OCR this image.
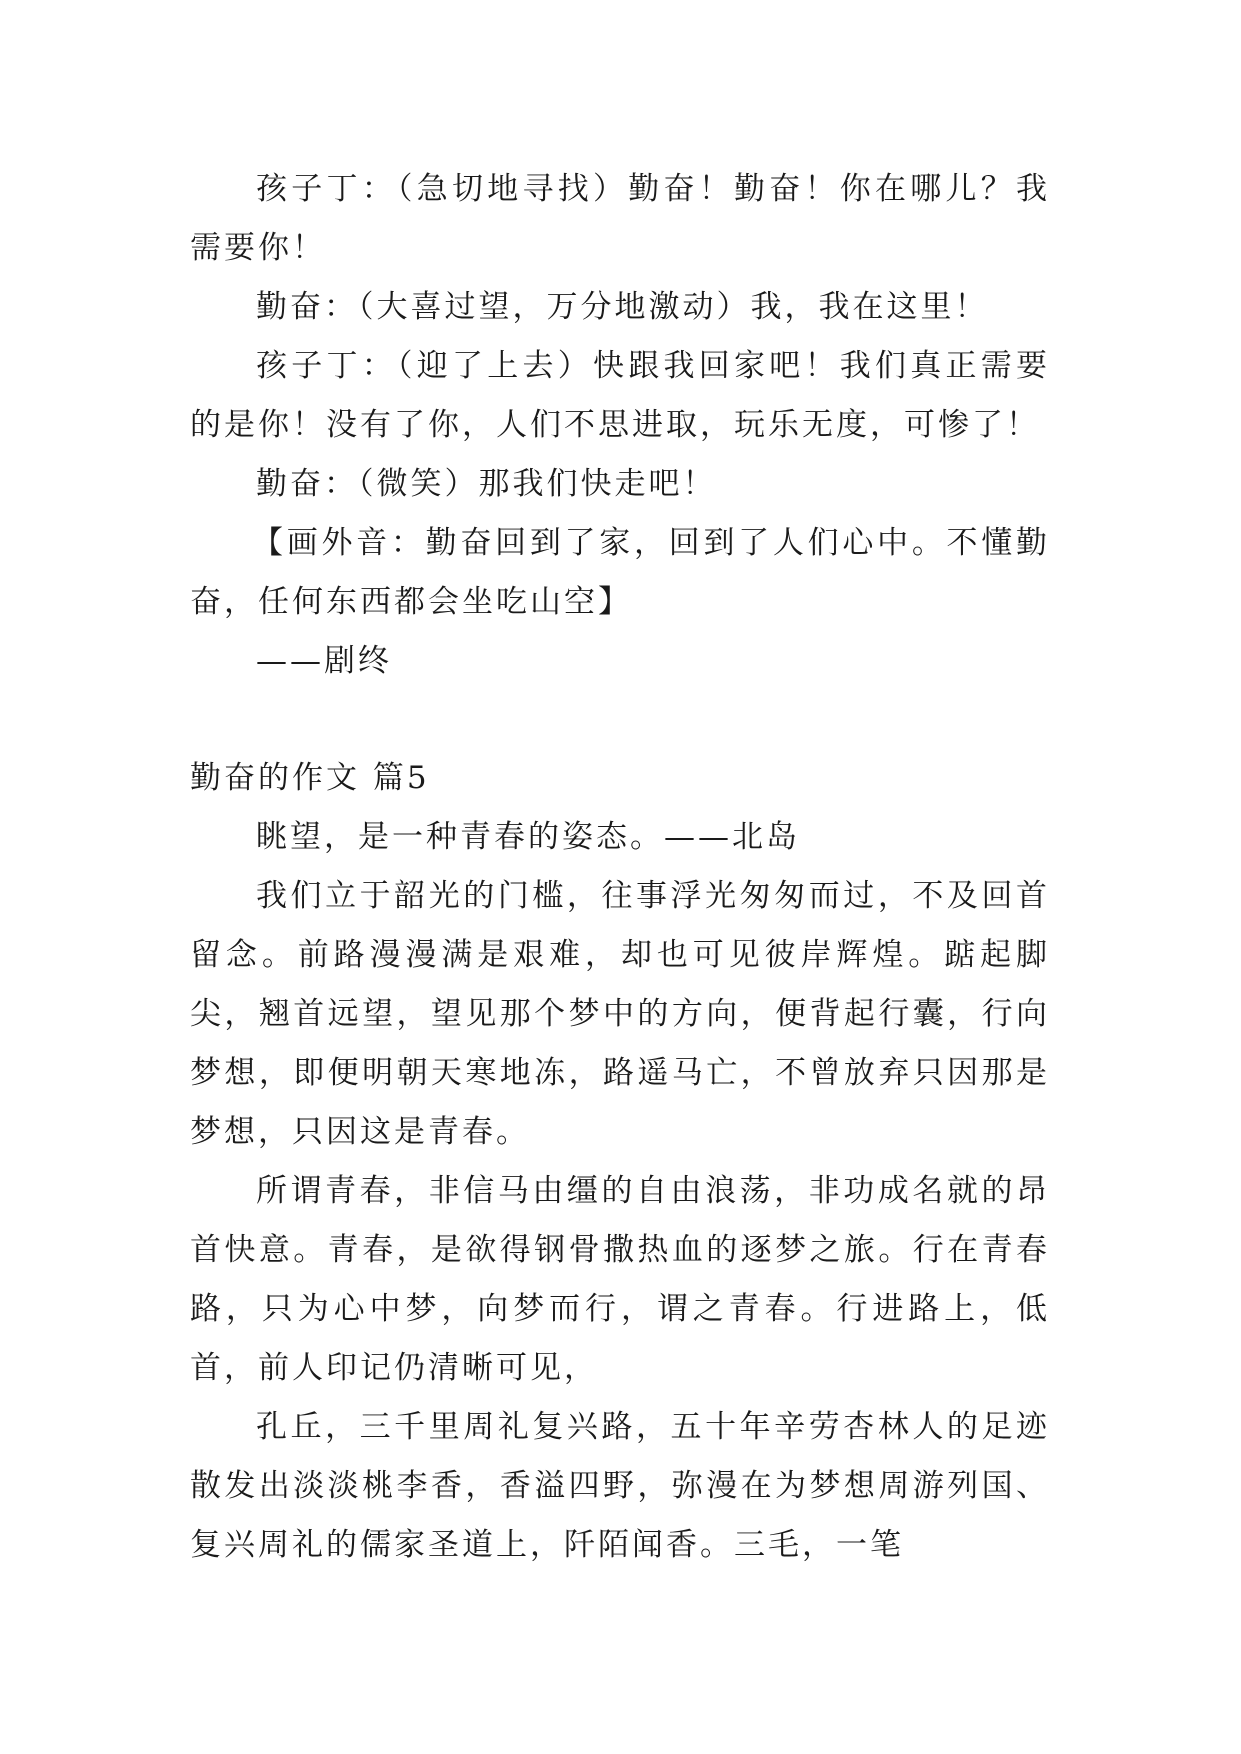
孩子丁：（急切地寻找）勤奋！勤奋！你在哪儿？我需要你！

勤奋：（大喜过望，万分地激动）我，我在这里！

孩子丁：（迎了上去）快跟我回家吧！我们真正需要的是你！没有了你，人们不思进取，玩乐无度，可惨了！

勤奋：（微笑）那我们快走吧！

【画外音：勤奋回到了家，回到了人们心中。不懂勤奋，任何东西都会坐吃山空】

——剧终

勤奋的作文 篇5

眺望，是一种青春的姿态。——北岛

我们立于韶光的门槛，往事浮光匆匆而过，不及回首留念。前路漫漫满是艰难，却也可见彼岸辉煌。踮起脚尖，翘首远望，望见那个梦中的方向，便背起行囊，行向梦想，即便明朝天寒地冻，路遥马亡，不曾放弃只因那是梦想，只因这是青春。

所谓青春，非信马由缰的自由浪荡，非功成名就的昂首快意。青春，是欲得钢骨撒热血的逐梦之旅。行在青春路，只为心中梦，向梦而行，谓之青春。行进路上，低首，前人印记仍清晰可见，

孔丘，三千里周礼复兴路，五十年辛劳杏林人的足迹散发出淡淡桃李香，香溢四野，弥漫在为梦想周游列国、复兴周礼的儒家圣道上，阡陌闻香。三毛，一笔
